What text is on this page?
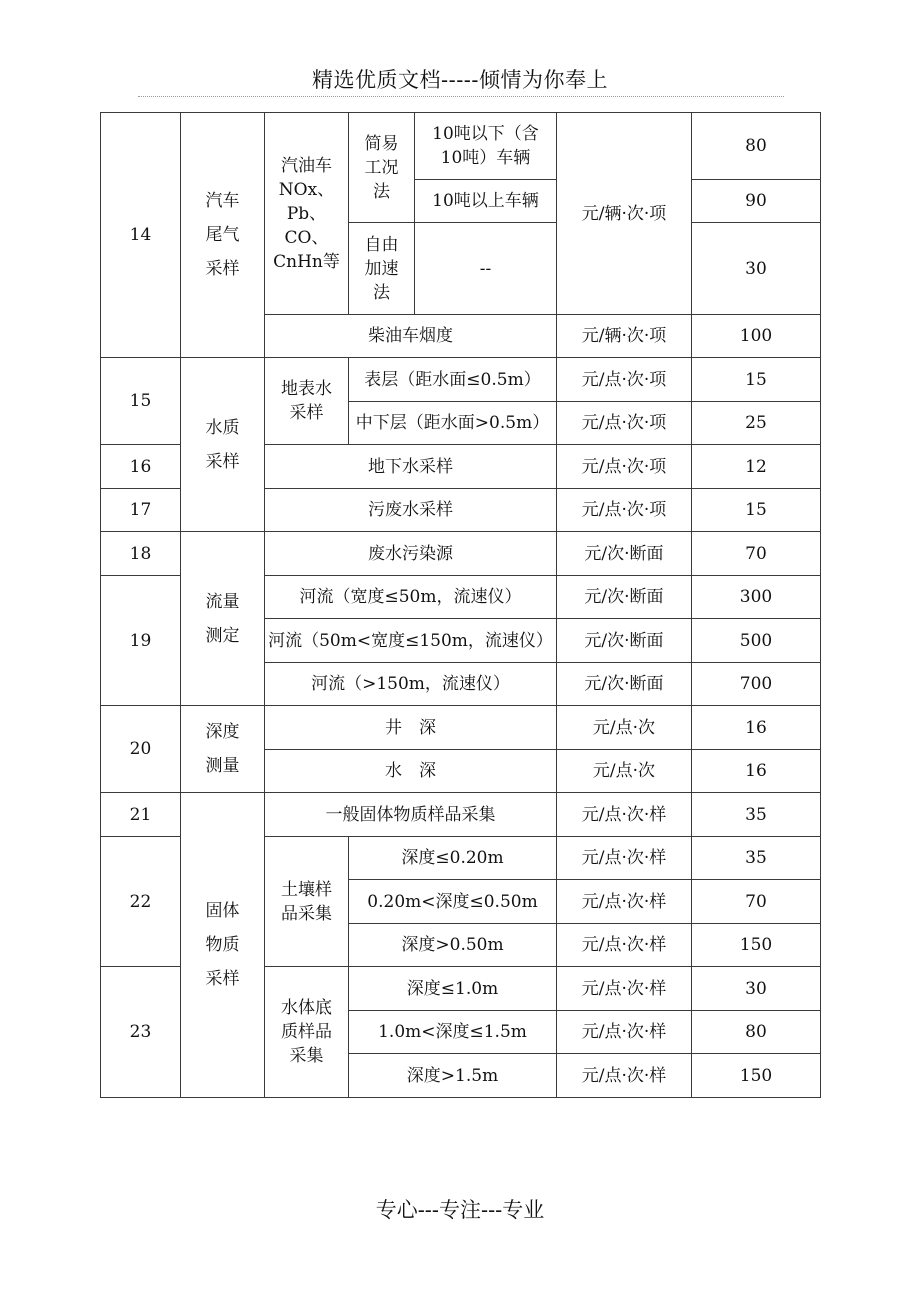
精选优质文档-----倾情为你奉上
14	汽车尾气采样	汽油车NOx、Pb、CO、CnHn等	简易工况法	10吨以下（含10吨）车辆	元/辆·次·项	80
				10吨以上车辆		90
			自由加速法	--		30
		柴油车烟度			元/辆·次·项	100
15	水质采样	地表水采样	表层（距水面≤0.5m）		元/点·次·项	15
			中下层（距水面>0.5m）		元/点·次·项	25
16		地下水采样			元/点·次·项	12
17		污废水采样			元/点·次·项	15
18	流量测定	废水污染源			元/次·断面	70
19		河流（宽度≤50m，流速仪）			元/次·断面	300
		河流（50m<宽度≤150m，流速仪）			元/次·断面	500
		河流（>150m，流速仪）			元/次·断面	700
20	深度测量	井　深			元/点·次	16
		水　深			元/点·次	16
21	固体物质采样	一般固体物质样品采集			元/点·次·样	35
22		土壤样品采集	深度≤0.20m		元/点·次·样	35
			0.20m<深度≤0.50m		元/点·次·样	70
			深度>0.50m		元/点·次·样	150
23		水体底质样品采集	深度≤1.0m		元/点·次·样	30
			1.0m<深度≤1.5m		元/点·次·样	80
			深度>1.5m		元/点·次·样	150
专心---专注---专业
